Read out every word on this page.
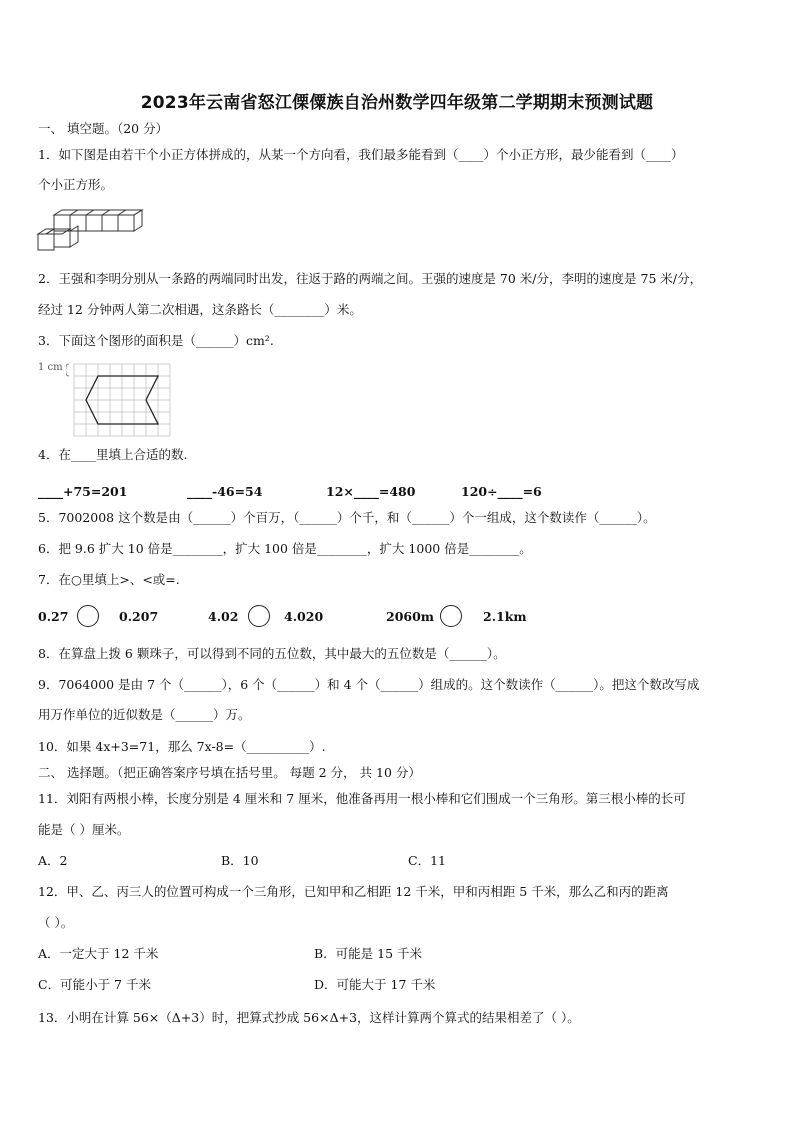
2023年云南省怒江傈僳族自治州数学四年级第二学期期末预测试题
一、 填空题。（20 分）
1．如下图是由若干个小正方体拼成的，从某一个方向看，我们最多能看到（____）个小正方形，最少能看到（____）
个小正方形。
2．王强和李明分别从一条路的两端同时出发，往返于路的两端之间。王强的速度是 70 米/分，李明的速度是 75 米/分，
经过 12 分钟两人第二次相遇，这条路长（________）米。
3．下面这个图形的面积是（______）cm².
1 cm
4．在____里填上合适的数.
____+75=201	____-46=54	12×____=480	120÷____=6
5．7002008 这个数是由（______）个百万，（______）个千，和（______）个一组成，这个数读作（______）。
6．把 9.6 扩大 10 倍是________，扩大 100 倍是________，扩大 1000 倍是________。
7．在○里填上>、<或=.
0.27	0.207	4.02	4.020	2060m	2.1km
8．在算盘上拨 6 颗珠子，可以得到不同的五位数，其中最大的五位数是（______）。
9．7064000 是由 7 个（______），6 个（______）和 4 个（______）组成的。这个数读作（______）。把这个数改写成
用万作单位的近似数是（______）万。
10．如果 4x+3=71，那么 7x-8=（__________）.
二、 选择题。（把正确答案序号填在括号里。 每题 2 分， 共 10 分）
11．刘阳有两根小棒，长度分别是 4 厘米和 7 厘米，他准备再用一根小棒和它们围成一个三角形。第三根小棒的长可
能是（ ）厘米。
A．2	B．10	C．11
12．甲、乙、丙三人的位置可构成一个三角形，已知甲和乙相距 12 千米，甲和丙相距 5 千米，那么乙和丙的距离
（ ）。
A．一定大于 12 千米	B．可能是 15 千米
C．可能小于 7 千米	D．可能大于 17 千米
13．小明在计算 56×（Δ+3）时，把算式抄成 56×Δ+3，这样计算两个算式的结果相差了（ ）。
